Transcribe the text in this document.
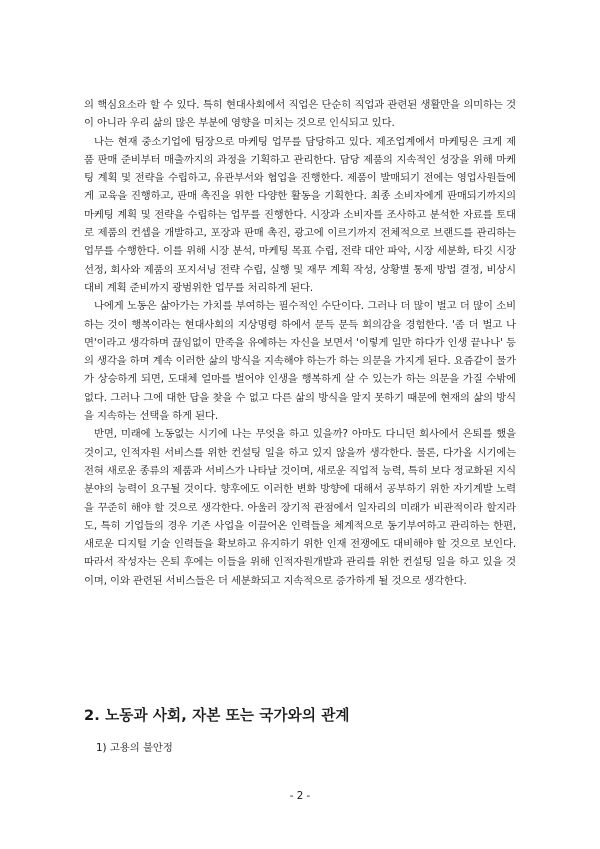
의 핵심요소라 할 수 있다. 특히 현대사회에서 직업은 단순히 직업과 관련된 생활만을 의미하는 것이 아니라 우리 삶의 많은 부분에 영향을 미치는 것으로 인식되고 있다.

나는 현재 중소기업에 팀장으로 마케팅 업무를 담당하고 있다. 제조업계에서 마케팅은 크게 제품 판매 준비부터 매출까지의 과정을 기획하고 관리한다. 담당 제품의 지속적인 성장을 위해 마케팅 계획 및 전략을 수립하고, 유관부서와 협업을 진행한다. 제품이 발매되기 전에는 영업사원들에게 교육을 진행하고, 판매 촉진을 위한 다양한 활동을 기획한다. 최종 소비자에게 판매되기까지의 마케팅 계획 및 전략을 수립하는 업무를 진행한다. 시장과 소비자를 조사하고 분석한 자료를 토대로 제품의 컨셉을 개발하고, 포장과 판매 촉진, 광고에 이르기까지 전체적으로 브랜드를 관리하는 업무를 수행한다. 이를 위해 시장 분석, 마케팅 목표 수립, 전략 대안 파악, 시장 세분화, 타깃 시장 선정, 회사와 제품의 포지셔닝 전략 수립, 실행 및 재무 계획 작성, 상황별 통제 방법 결정, 비상시 대비 계획 준비까지 광범위한 업무를 처리하게 된다.

나에게 노동은 삶아가는 가치를 부여하는 필수적인 수단이다. 그러나 더 많이 벌고 더 많이 소비하는 것이 행복이라는 현대사회의 지상명령 하에서 문득 문득 회의감을 경험한다. '좀 더 벌고 나면'이라고 생각하며 끊임없이 만족을 유예하는 자신을 보면서 '이렇게 일만 하다가 인생 끝나나' 등의 생각을 하며 계속 이러한 삶의 방식을 지속해야 하는가 하는 의문을 가지게 된다. 요즘같이 물가가 상승하게 되면, 도대체 얼마를 벌어야 인생을 행복하게 살 수 있는가 하는 의문을 가질 수밖에 없다. 그러나 그에 대한 답을 찾을 수 없고 다른 삶의 방식을 알지 못하기 때문에 현재의 삶의 방식을 지속하는 선택을 하게 된다.

반면, 미래에 노동없는 시기에 나는 무엇을 하고 있을까? 아마도 다니던 회사에서 은퇴를 했을 것이고, 인적자원 서비스를 위한 컨설팅 일을 하고 있지 않을까 생각한다. 물론, 다가올 시기에는 전혀 새로운 종류의 제품과 서비스가 나타날 것이며, 새로운 직업적 능력, 특히 보다 정교화된 지식 분야의 능력이 요구될 것이다. 향후에도 이러한 변화 방향에 대해서 공부하기 위한 자기계발 노력을 꾸준히 해야 할 것으로 생각한다. 아울러 장기적 관점에서 일자리의 미래가 비관적이라 할지라도, 특히 기업들의 경우 기존 사업을 이끌어온 인력들을 체계적으로 동기부여하고 관리하는 한편, 새로운 디지털 기술 인력들을 확보하고 유지하기 위한 인재 전쟁에도 대비해야 할 것으로 보인다. 따라서 작성자는 은퇴 후에는 이들을 위해 인적자원개발과 관리를 위한 컨설팅 일을 하고 있을 것이며, 이와 관련된 서비스들은 더 세분화되고 지속적으로 증가하게 될 것으로 생각한다.

2. 노동과 사회, 자본 또는 국가와의 관계

1) 고용의 불안정

- 2 -
